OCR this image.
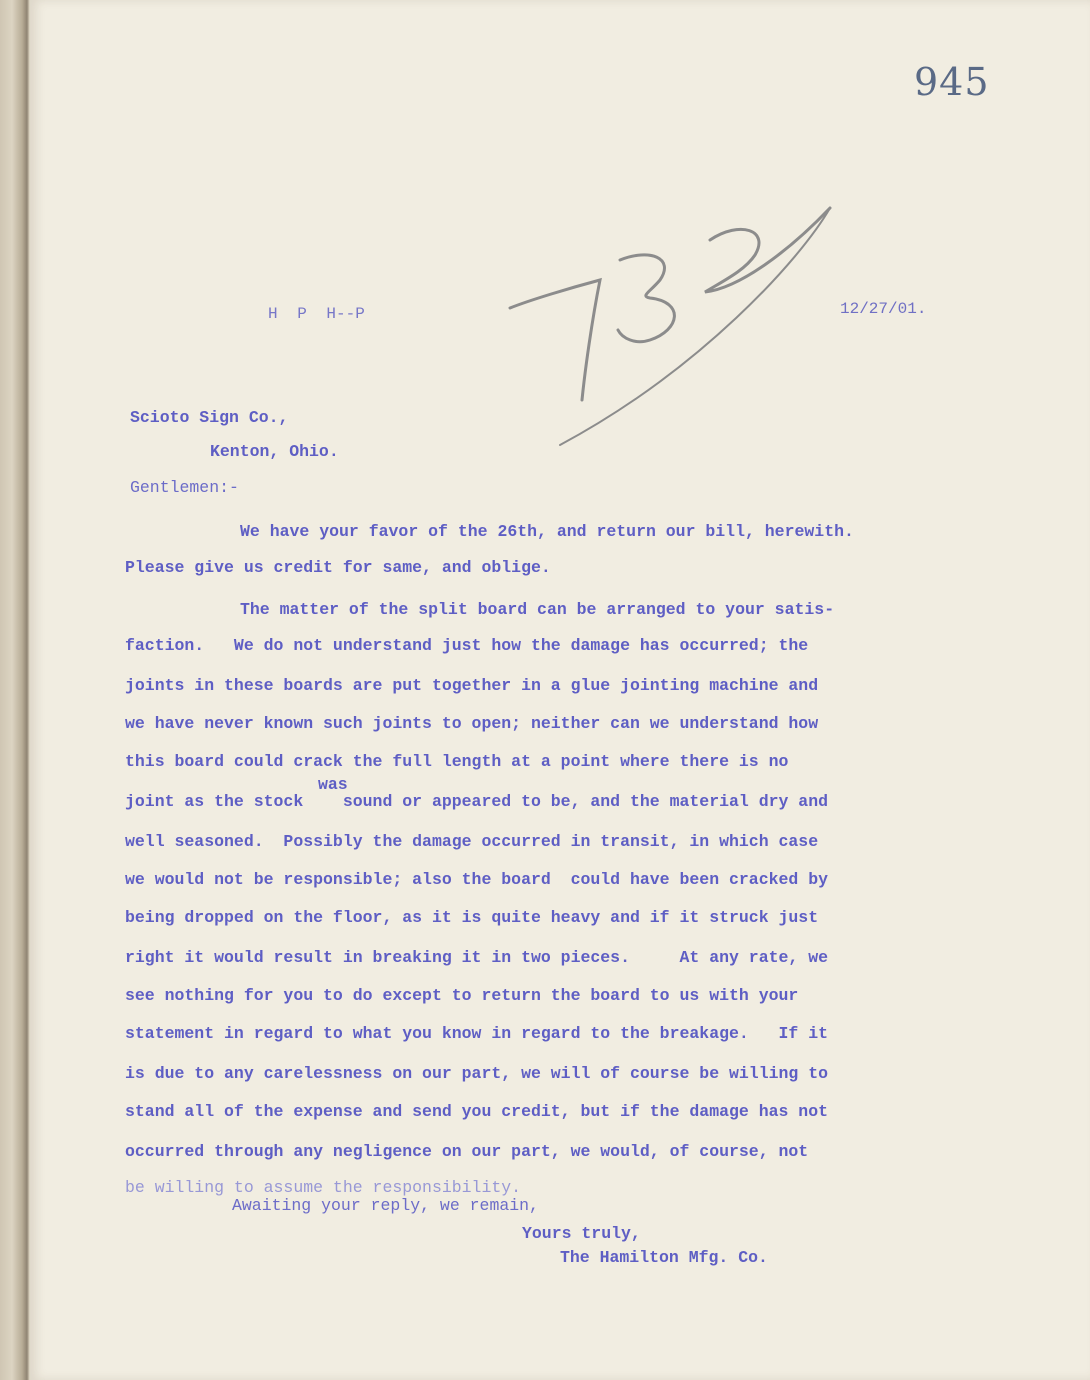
945
H P H--P	12/27/01.
Scioto Sign Co.,
Kenton, Ohio.
Gentlemen:-
We have your favor of the 26th, and return our bill, herewith.
Please give us credit for same, and oblige.
The matter of the split board can be arranged to your satis-
faction.   We do not understand just how the damage has occurred; the
joints in these boards are put together in a glue jointing machine and
we have never known such joints to open; neither can we understand how
this board could crack the full length at a point where there is no
was
joint as the stock    sound or appeared to be, and the material dry and
well seasoned.  Possibly the damage occurred in transit, in which case
we would not be responsible; also the board  could have been cracked by
being dropped on the floor, as it is quite heavy and if it struck just
right it would result in breaking it in two pieces.     At any rate, we
see nothing for you to do except to return the board to us with your
statement in regard to what you know in regard to the breakage.   If it
is due to any carelessness on our part, we will of course be willing to
stand all of the expense and send you credit, but if the damage has not
occurred through any negligence on our part, we would, of course, not
be willing to assume the responsibility.
Awaiting your reply, we remain,
Yours truly,
The Hamilton Mfg. Co.
